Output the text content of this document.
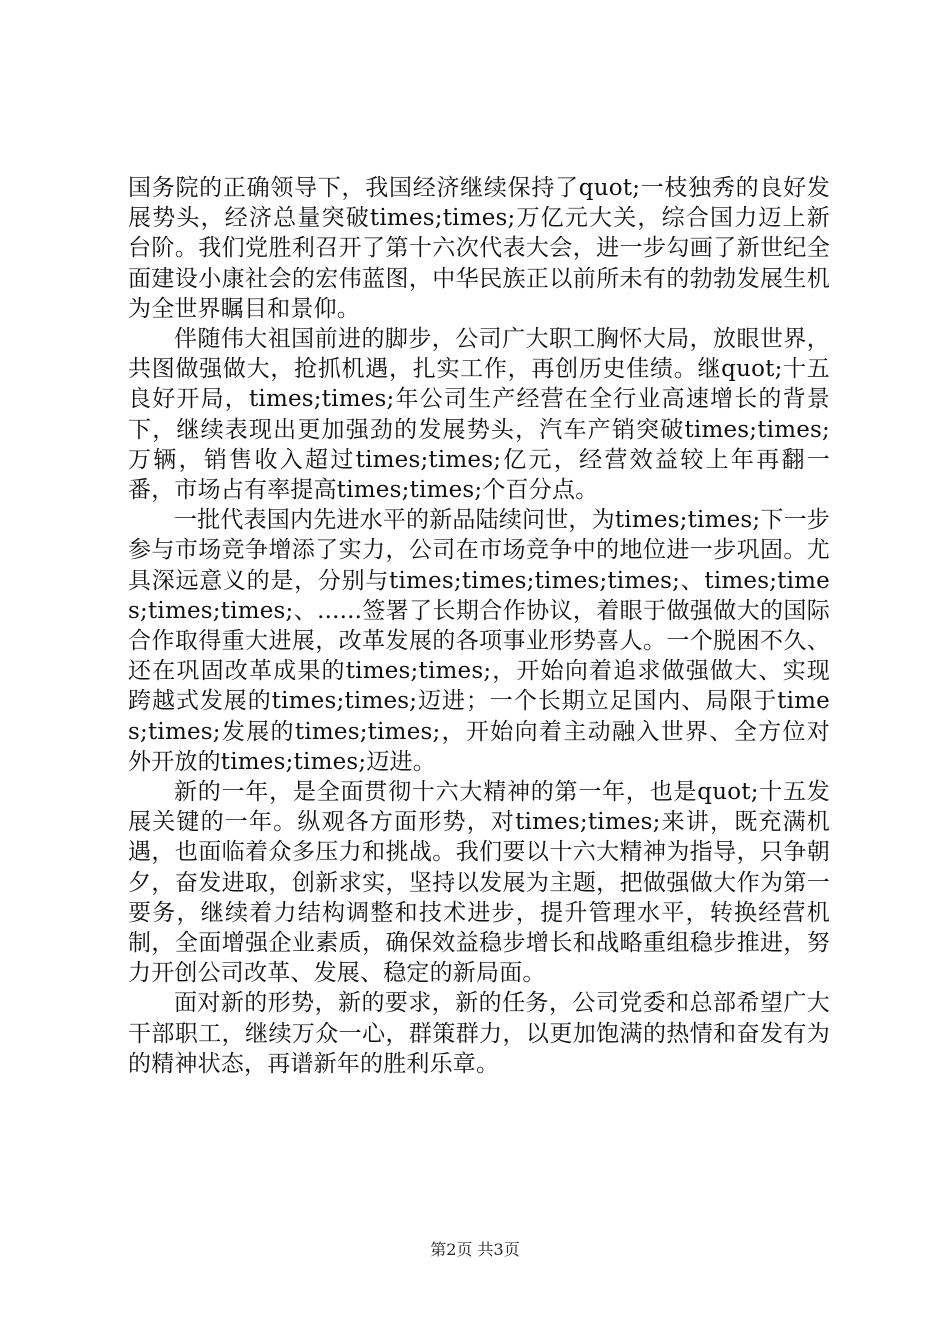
国务院的正确领导下，我国经济继续保持了quot;一枝独秀的良好发展势头，经济总量突破times;times;万亿元大关，综合国力迈上新台阶。我们党胜利召开了第十六次代表大会，进一步勾画了新世纪全面建设小康社会的宏伟蓝图，中华民族正以前所未有的勃勃发展生机为全世界瞩目和景仰。

伴随伟大祖国前进的脚步，公司广大职工胸怀大局，放眼世界，共图做强做大，抢抓机遇，扎实工作，再创历史佳绩。继quot;十五良好开局，times;times;年公司生产经营在全行业高速增长的背景下，继续表现出更加强劲的发展势头，汽车产销突破times;times;万辆，销售收入超过times;times;亿元，经营效益较上年再翻一番，市场占有率提高times;times;个百分点。

一批代表国内先进水平的新品陆续问世，为times;times;下一步参与市场竞争增添了实力，公司在市场竞争中的地位进一步巩固。尤具深远意义的是，分别与times;times;times;times;、times;times;times;times;、......签署了长期合作协议，着眼于做强做大的国际合作取得重大进展，改革发展的各项事业形势喜人。一个脱困不久、还在巩固改革成果的times;times;，开始向着追求做强做大、实现跨越式发展的times;times;迈进；一个长期立足国内、局限于times;times;发展的times;times;，开始向着主动融入世界、全方位对外开放的times;times;迈进。

新的一年，是全面贯彻十六大精神的第一年，也是quot;十五发展关键的一年。纵观各方面形势，对times;times;来讲，既充满机遇，也面临着众多压力和挑战。我们要以十六大精神为指导，只争朝夕，奋发进取，创新求实，坚持以发展为主题，把做强做大作为第一要务，继续着力结构调整和技术进步，提升管理水平，转换经营机制，全面增强企业素质，确保效益稳步增长和战略重组稳步推进，努力开创公司改革、发展、稳定的新局面。

面对新的形势，新的要求，新的任务，公司党委和总部希望广大干部职工，继续万众一心，群策群力，以更加饱满的热情和奋发有为的精神状态，再谱新年的胜利乐章。

第2页 共3页
